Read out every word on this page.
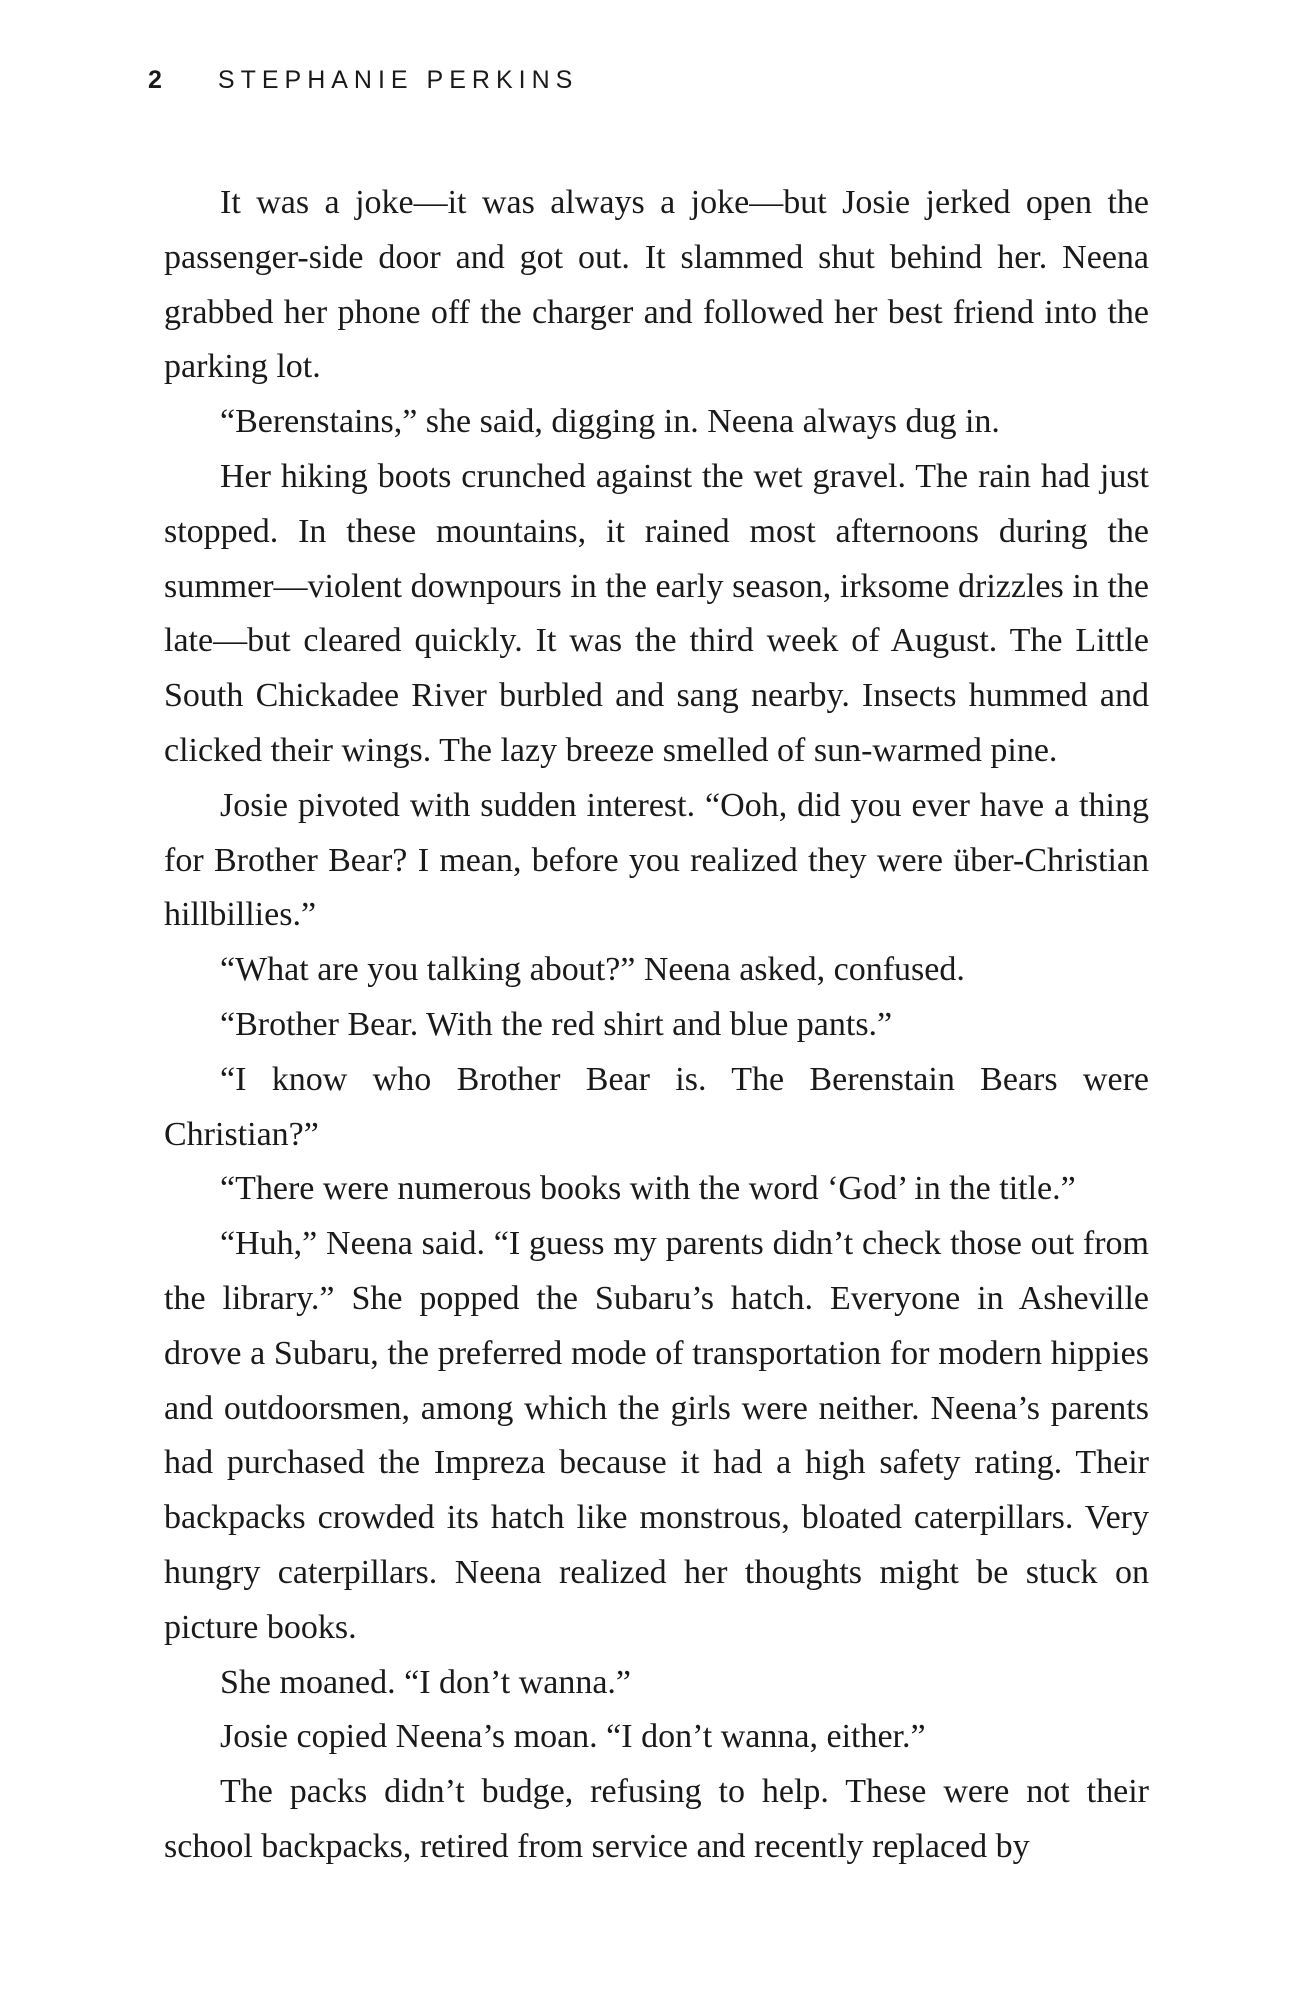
2 STEPHANIE PERKINS

It was a joke—it was always a joke—but Josie jerked open the passenger-side door and got out. It slammed shut behind her. Neena grabbed her phone off the charger and followed her best friend into the parking lot.

“Berenstains,” she said, digging in. Neena always dug in.

Her hiking boots crunched against the wet gravel. The rain had just stopped. In these mountains, it rained most afternoons during the summer—violent downpours in the early season, irksome drizzles in the late—but cleared quickly. It was the third week of August. The Little South Chickadee River burbled and sang nearby. Insects hummed and clicked their wings. The lazy breeze smelled of sun-warmed pine.

Josie pivoted with sudden interest. “Ooh, did you ever have a thing for Brother Bear? I mean, before you realized they were über-Christian hillbillies.”

“What are you talking about?” Neena asked, confused.

“Brother Bear. With the red shirt and blue pants.”

“I know who Brother Bear is. The Berenstain Bears were Christian?”

“There were numerous books with the word ‘God’ in the title.”

“Huh,” Neena said. “I guess my parents didn’t check those out from the library.” She popped the Subaru’s hatch. Everyone in Asheville drove a Subaru, the preferred mode of transportation for modern hippies and outdoorsmen, among which the girls were neither. Neena’s parents had purchased the Impreza because it had a high safety rating. Their backpacks crowded its hatch like monstrous, bloated caterpillars. Very hungry caterpillars. Neena realized her thoughts might be stuck on picture books.

She moaned. “I don’t wanna.”

Josie copied Neena’s moan. “I don’t wanna, either.”

The packs didn’t budge, refusing to help. These were not their school backpacks, retired from service and recently replaced by
